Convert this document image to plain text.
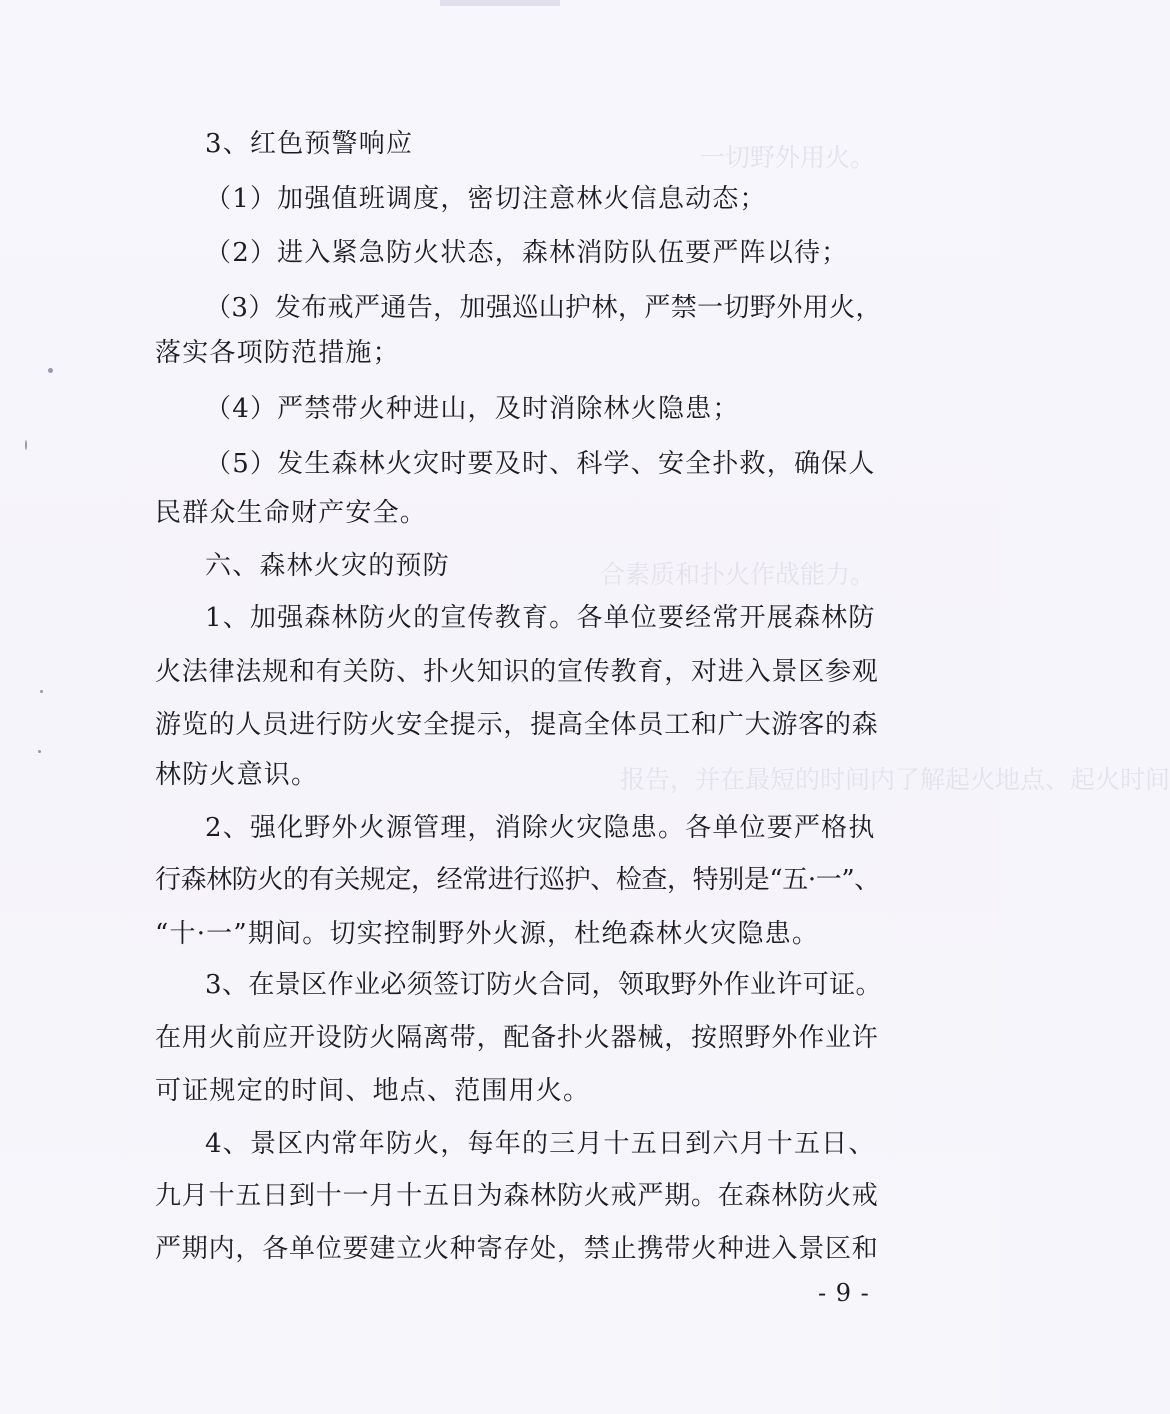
一切野外用火。
合素质和扑火作战能力。
报告，并在最短的时间内了解起火地点、起火时间
3、红色预警响应
（1）加强值班调度，密切注意林火信息动态；
（2）进入紧急防火状态，森林消防队伍要严阵以待；
（3）发布戒严通告，加强巡山护林，严禁一切野外用火，
落实各项防范措施；
（4）严禁带火种进山，及时消除林火隐患；
（5）发生森林火灾时要及时、科学、安全扑救，确保人
民群众生命财产安全。
六、森林火灾的预防
1、加强森林防火的宣传教育。各单位要经常开展森林防
火法律法规和有关防、扑火知识的宣传教育，对进入景区参观
游览的人员进行防火安全提示，提高全体员工和广大游客的森
林防火意识。
2、强化野外火源管理，消除火灾隐患。各单位要严格执
行森林防火的有关规定，经常进行巡护、检查，特别是“五·一”、
“十·一”期间。切实控制野外火源，杜绝森林火灾隐患。
3、在景区作业必须签订防火合同，领取野外作业许可证。
在用火前应开设防火隔离带，配备扑火器械，按照野外作业许
可证规定的时间、地点、范围用火。
4、景区内常年防火，每年的三月十五日到六月十五日、
九月十五日到十一月十五日为森林防火戒严期。在森林防火戒
严期内，各单位要建立火种寄存处，禁止携带火种进入景区和
- 9 -
